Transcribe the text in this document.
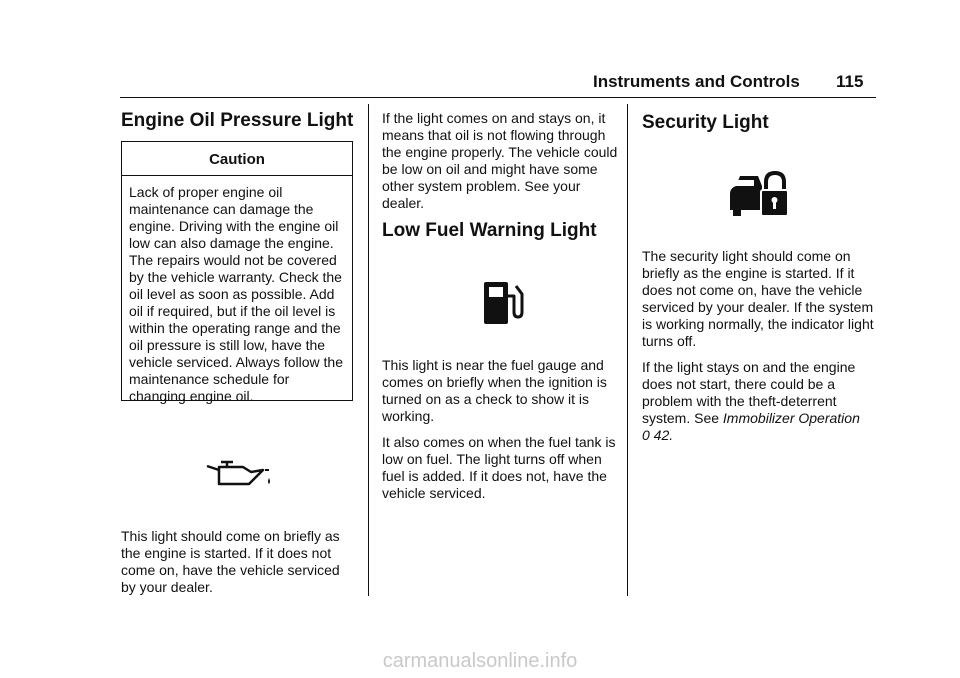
Instruments and Controls 115
Engine Oil Pressure Light
Caution
Lack of proper engine oil maintenance can damage the engine. Driving with the engine oil low can also damage the engine. The repairs would not be covered by the vehicle warranty. Check the oil level as soon as possible. Add oil if required, but if the oil level is within the operating range and the oil pressure is still low, have the vehicle serviced. Always follow the maintenance schedule for changing engine oil.

This light should come on briefly as the engine is started. If it does not come on, have the vehicle serviced by your dealer.

If the light comes on and stays on, it means that oil is not flowing through the engine properly. The vehicle could be low on oil and might have some other system problem. See your dealer.

Low Fuel Warning Light

This light is near the fuel gauge and comes on briefly when the ignition is turned on as a check to show it is working.

It also comes on when the fuel tank is low on fuel. The light turns off when fuel is added. If it does not, have the vehicle serviced.

Security Light

The security light should come on briefly as the engine is started. If it does not come on, have the vehicle serviced by your dealer. If the system is working normally, the indicator light turns off.

If the light stays on and the engine does not start, there could be a problem with the theft-deterrent system. See Immobilizer Operation
0 42.

carmanualsonline.info
